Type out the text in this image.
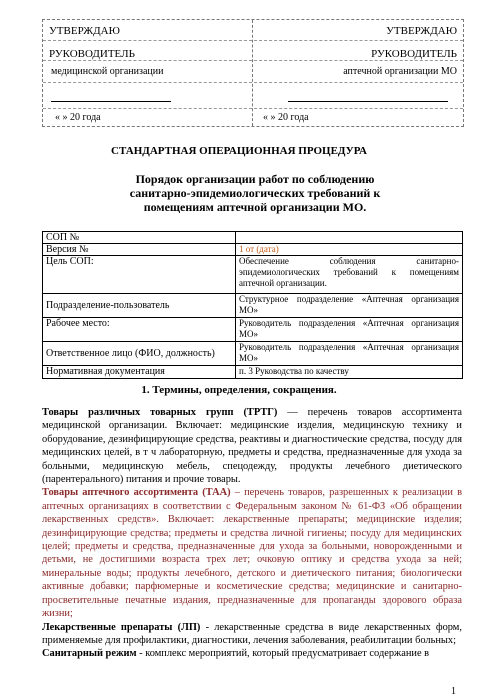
УТВЕРЖДАЮ	УТВЕРЖДАЮ
РУКОВОДИТЕЛЬ	РУКОВОДИТЕЛЬ
медицинской организации	аптечной организации МО
« » 20 года	« » 20 года
СТАНДАРТНАЯ ОПЕРАЦИОННАЯ ПРОЦЕДУРА
Порядок организации работ по соблюдению санитарно-эпидемиологических требований к помещениям аптечной организации МО.
СОП №	
Версия №	1 от (дата)
Цель СОП:	Обеспечение соблюдения санитарно-эпидемиологических требований к помещениям аптечной организации.
Подразделение-пользователь	Структурное подразделение «Аптечная организация МО»
Рабочее место:	Руководитель подразделения «Аптечная организация МО»
Ответственное лицо (ФИО, должность)	Руководитель подразделения «Аптечная организация МО»
Нормативная документация	п. 3 Руководства по качеству
1. Термины, определения, сокращения.

Товары различных товарных групп (ТРТГ) — перечень товаров ассортимента медицинской организации. Включает: медицинские изделия, медицинскую технику и оборудование, дезинфицирующие средства, реактивы и диагностические средства, посуду для медицинских целей, в т ч лабораторную, предметы и средства, предназначенные для ухода за больными, медицинскую мебель, спецодежду, продукты лечебного диетического (парентерального) питания и прочие товары.

Товары аптечного ассортимента (ТАА) – перечень товаров, разрешенных к реализации в аптечных организациях в соответствии с Федеральным законом № 61-ФЗ «Об обращении лекарственных средств». Включает: лекарственные препараты; медицинские изделия; дезинфицирующие средства; предметы и средства личной гигиены; посуду для медицинских целей; предметы и средства, предназначенные для ухода за больными, новорожденными и детьми, не достигшими возраста трех лет; очковую оптику и средства ухода за ней; минеральные воды; продукты лечебного, детского и диетического питания; биологически активные добавки; парфюмерные и косметические средства; медицинские и санитарно-просветительные печатные издания, предназначенные для пропаганды здорового образа жизни;

Лекарственные препараты (ЛП) - лекарственные средства в виде лекарственных форм, применяемые для профилактики, диагностики, лечения заболевания, реабилитации больных;

Санитарный режим - комплекс мероприятий, который предусматривает содержание в

1
